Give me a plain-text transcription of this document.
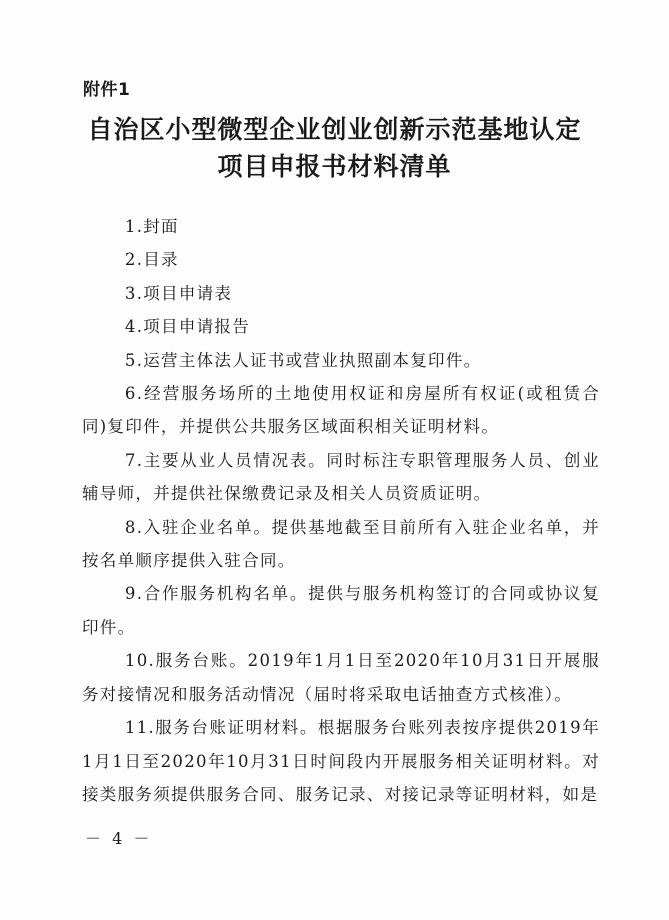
附件1
自治区小型微型企业创业创新示范基地认定
项目申报书材料清单

1.封面

2.目录

3.项目申请表

4.项目申请报告

5.运营主体法人证书或营业执照副本复印件。

6.经营服务场所的土地使用权证和房屋所有权证(或租赁合同)复印件，并提供公共服务区域面积相关证明材料。

7.主要从业人员情况表。同时标注专职管理服务人员、创业辅导师，并提供社保缴费记录及相关人员资质证明。

8.入驻企业名单。提供基地截至目前所有入驻企业名单，并按名单顺序提供入驻合同。

9.合作服务机构名单。提供与服务机构签订的合同或协议复印件。

10.服务台账。2019年1月1日至2020年10月31日开展服务对接情况和服务活动情况（届时将采取电话抽查方式核准）。

11.服务台账证明材料。根据服务台账列表按序提供2019年1月1日至2020年10月31日时间段内开展服务相关证明材料。对接类服务须提供服务合同、服务记录、对接记录等证明材料，如是

－ 4 －
